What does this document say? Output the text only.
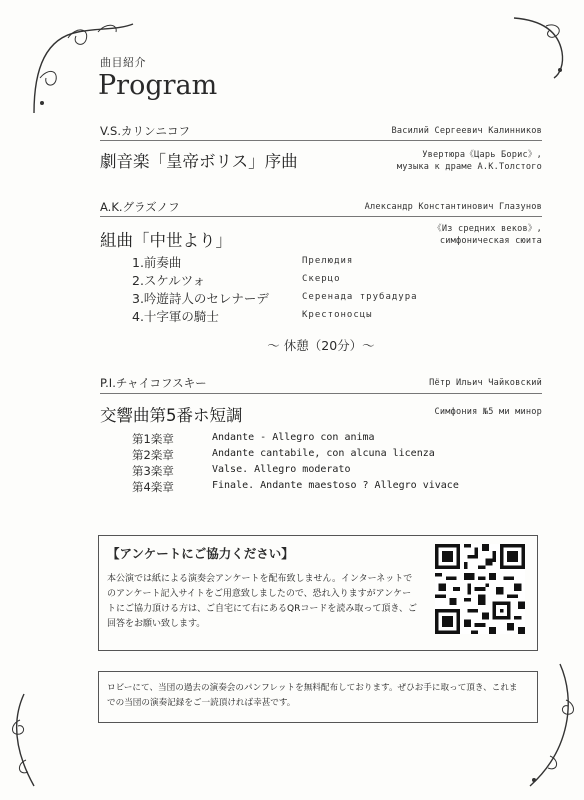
曲目紹介
Program
V.S.カリンニコフ	Василий Сергеевич Калинников
劇音楽「皇帝ボリス」序曲	Увертюра《Царь Борис》,
музыка к драме А.К.Толстого
A.K.グラズノフ	Александр Константинович Глазунов
組曲「中世より」
《Из средних веков》,
симфоническая сюита
1.前奏曲	Прелюдия
2.スケルツォ	Скерцо
3.吟遊詩人のセレナーデ	Серенада трубадура
4.十字軍の騎士	Крестоносцы
〜 休憩（20分）〜
P.I.チャイコフスキー	Пётр Ильич Чайковский
交響曲第5番ホ短調	Симфония №5 ми минор
第1楽章	Andante - Allegro con anima
第2楽章	Andante cantabile, con alcuna licenza
第3楽章	Valse. Allegro moderato
第4楽章	Finale. Andante maestoso ? Allegro vivace
【アンケートにご協力ください】
本公演では紙による演奏会アンケートを配布致しません。インターネットで
のアンケート記入サイトをご用意致しましたので、恐れ入りますがアンケー
トにご協力頂ける方は、ご自宅にて右にあるQRコードを読み取って頂き、ご
回答をお願い致します。
ロビーにて、当団の過去の演奏会のパンフレットを無料配布しております。ぜひお手に取って頂き、これま
での当団の演奏記録をご一読頂ければ幸甚です。
